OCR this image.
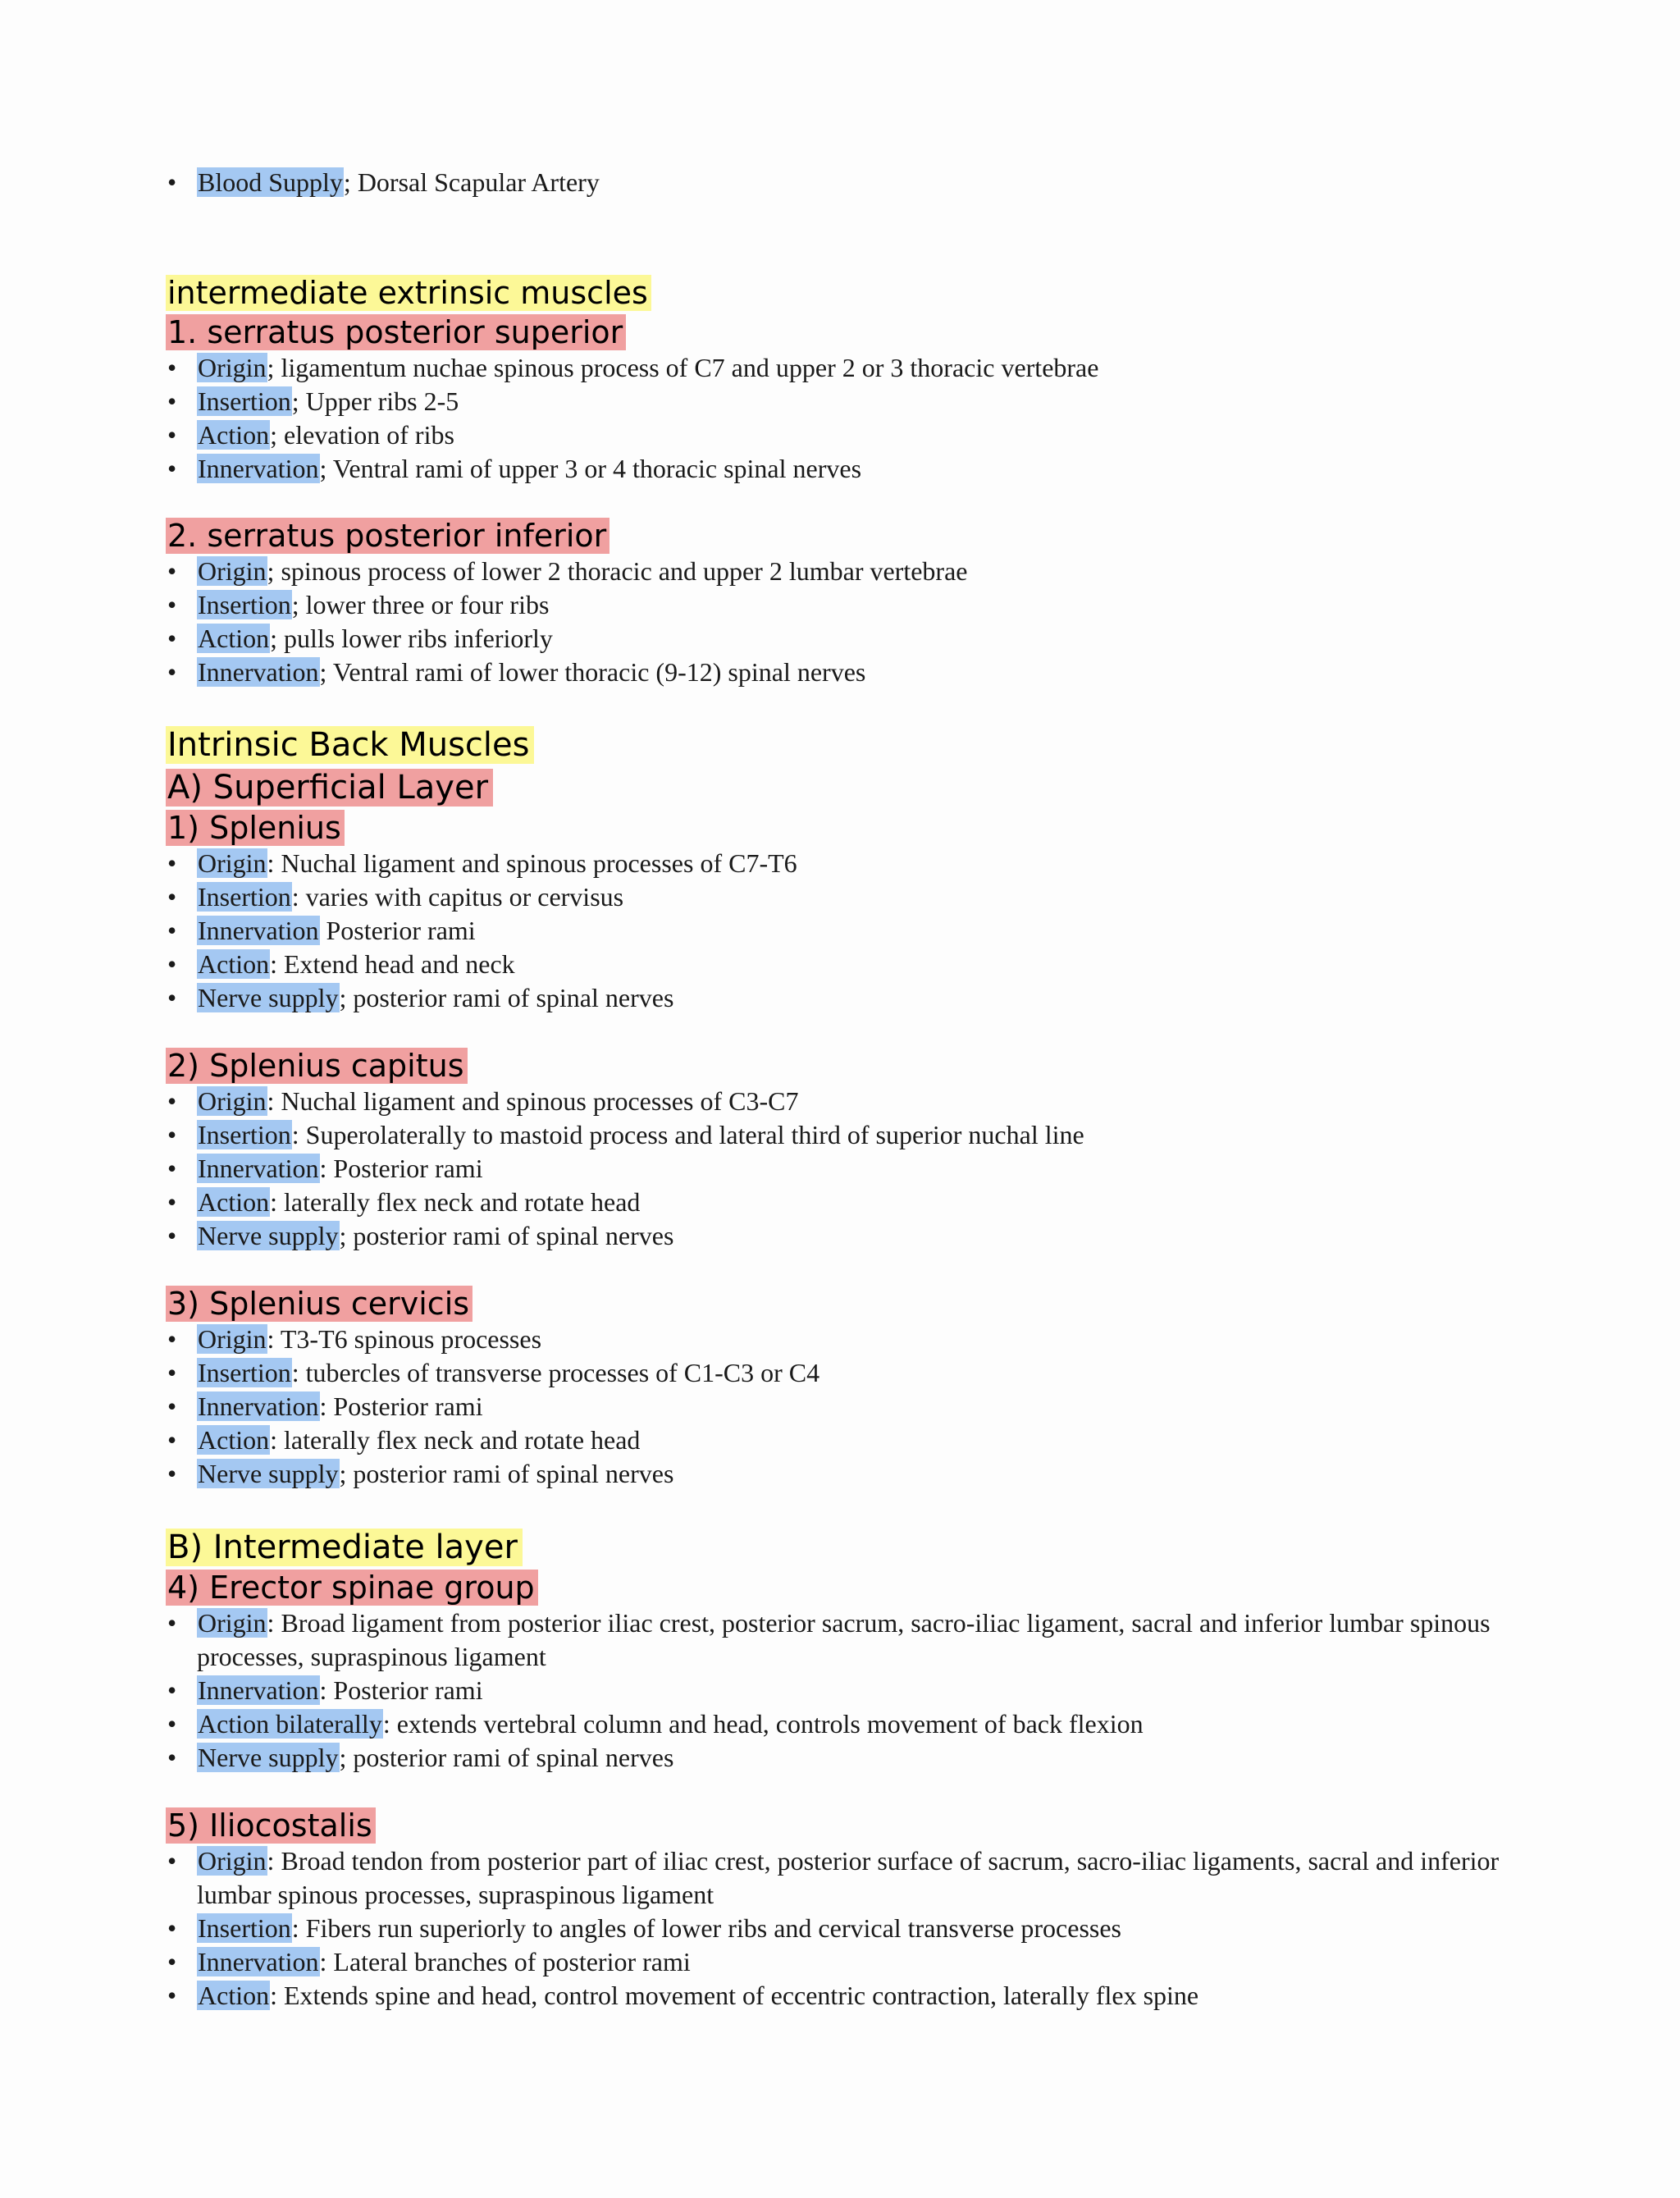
• Blood Supply; Dorsal Scapular Artery
intermediate extrinsic muscles
1. serratus posterior superior
• Origin; ligamentum nuchae spinous process of C7 and upper 2 or 3 thoracic vertebrae
• Insertion; Upper ribs 2-5
• Action; elevation of ribs
• Innervation; Ventral rami of upper 3 or 4 thoracic spinal nerves
2. serratus posterior inferior
• Origin; spinous process of lower 2 thoracic and upper 2 lumbar vertebrae
• Insertion; lower three or four ribs
• Action; pulls lower ribs inferiorly
• Innervation; Ventral rami of lower thoracic (9-12) spinal nerves
Intrinsic Back Muscles
A) Superficial Layer
1) Splenius
• Origin: Nuchal ligament and spinous processes of C7-T6
• Insertion: varies with capitus or cervisus
• Innervation Posterior rami
• Action: Extend head and neck
• Nerve supply; posterior rami of spinal nerves
2) Splenius capitus
• Origin: Nuchal ligament and spinous processes of C3-C7
• Insertion: Superolaterally to mastoid process and lateral third of superior nuchal line
• Innervation: Posterior rami
• Action: laterally flex neck and rotate head
• Nerve supply; posterior rami of spinal nerves
3) Splenius cervicis
• Origin: T3-T6 spinous processes
• Insertion: tubercles of transverse processes of C1-C3 or C4
• Innervation: Posterior rami
• Action: laterally flex neck and rotate head
• Nerve supply; posterior rami of spinal nerves
B) Intermediate layer
4) Erector spinae group
• Origin: Broad ligament from posterior iliac crest, posterior sacrum, sacro-iliac ligament, sacral and inferior lumbar spinous processes, supraspinous ligament
• Innervation: Posterior rami
• Action bilaterally: extends vertebral column and head, controls movement of back flexion
• Nerve supply; posterior rami of spinal nerves
5) Iliocostalis
• Origin: Broad tendon from posterior part of iliac crest, posterior surface of sacrum, sacro-iliac ligaments, sacral and inferior lumbar spinous processes, supraspinous ligament
• Insertion: Fibers run superiorly to angles of lower ribs and cervical transverse processes
• Innervation: Lateral branches of posterior rami
• Action: Extends spine and head, control movement of eccentric contraction, laterally flex spine
